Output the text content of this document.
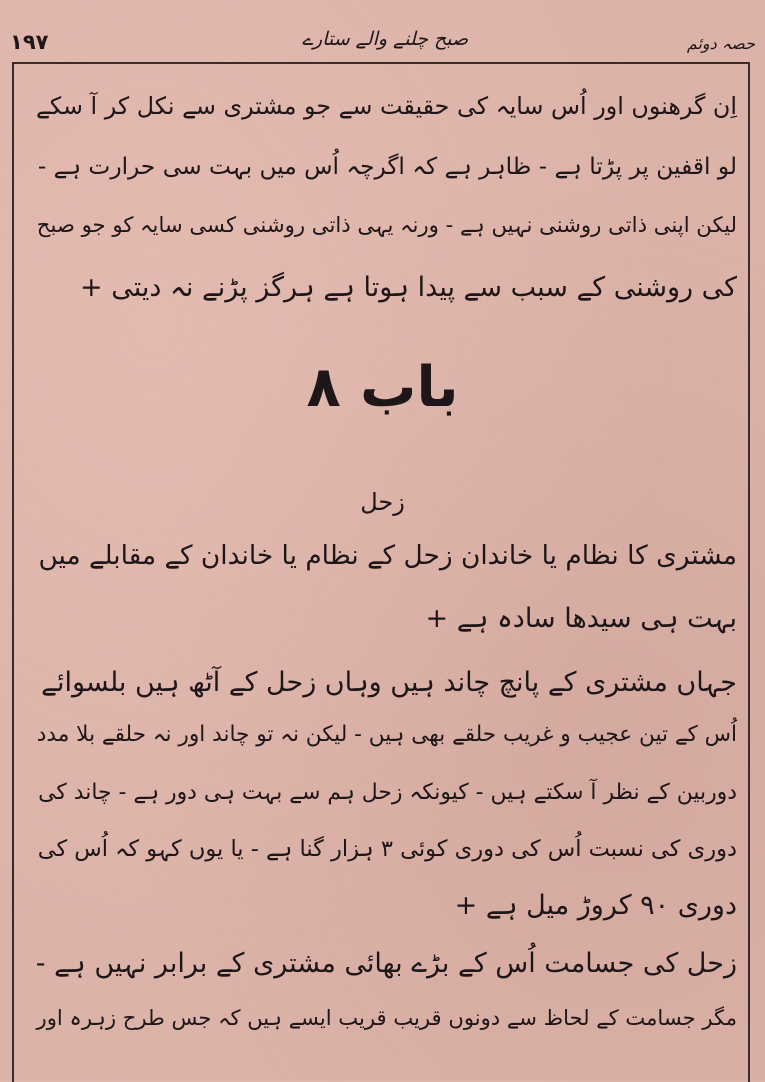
۱۹۷	صبح چلنے والے ستارے	حصہ دوئم
اِن گرھنوں اور اُس سایہ کی حقیقت سے جو مشتری سے نکل کر آ سکے
لو اقفین پر پڑتا ہے - ظاہر ہے کہ اگرچہ اُس میں بہت سی حرارت ہے -
لیکن اپنی ذاتی روشنی نہیں ہے - ورنہ یہی ذاتی روشنی کسی سایہ کو جو صبح
کی روشنی کے سبب سے پیدا ہوتا ہے ہرگز پڑنے نہ دیتی +
باب ۸
زحل
مشتری کا نظام یا خاندان زحل کے نظام یا خاندان کے مقابلے میں
بہت ہی سیدھا سادہ ہے +
جہاں مشتری کے پانچ چاند ہیں وہاں زحل کے آٹھ ہیں بلسوائے
اُس کے تین عجیب و غریب حلقے بھی ہیں - لیکن نہ تو چاند اور نہ حلقے بلا مدد
دوربین کے نظر آ سکتے ہیں - کیونکہ زحل ہم سے بہت ہی دور ہے - چاند کی
دوری کی نسبت اُس کی دوری کوئی ۳ ہزار گنا ہے - یا یوں کہو کہ اُس کی
دوری ۹۰ کروڑ میل ہے +
زحل کی جسامت اُس کے بڑے بھائی مشتری کے برابر نہیں ہے -
مگر جسامت کے لحاظ سے دونوں قریب قریب ایسے ہیں کہ جس طرح زہرہ اور
